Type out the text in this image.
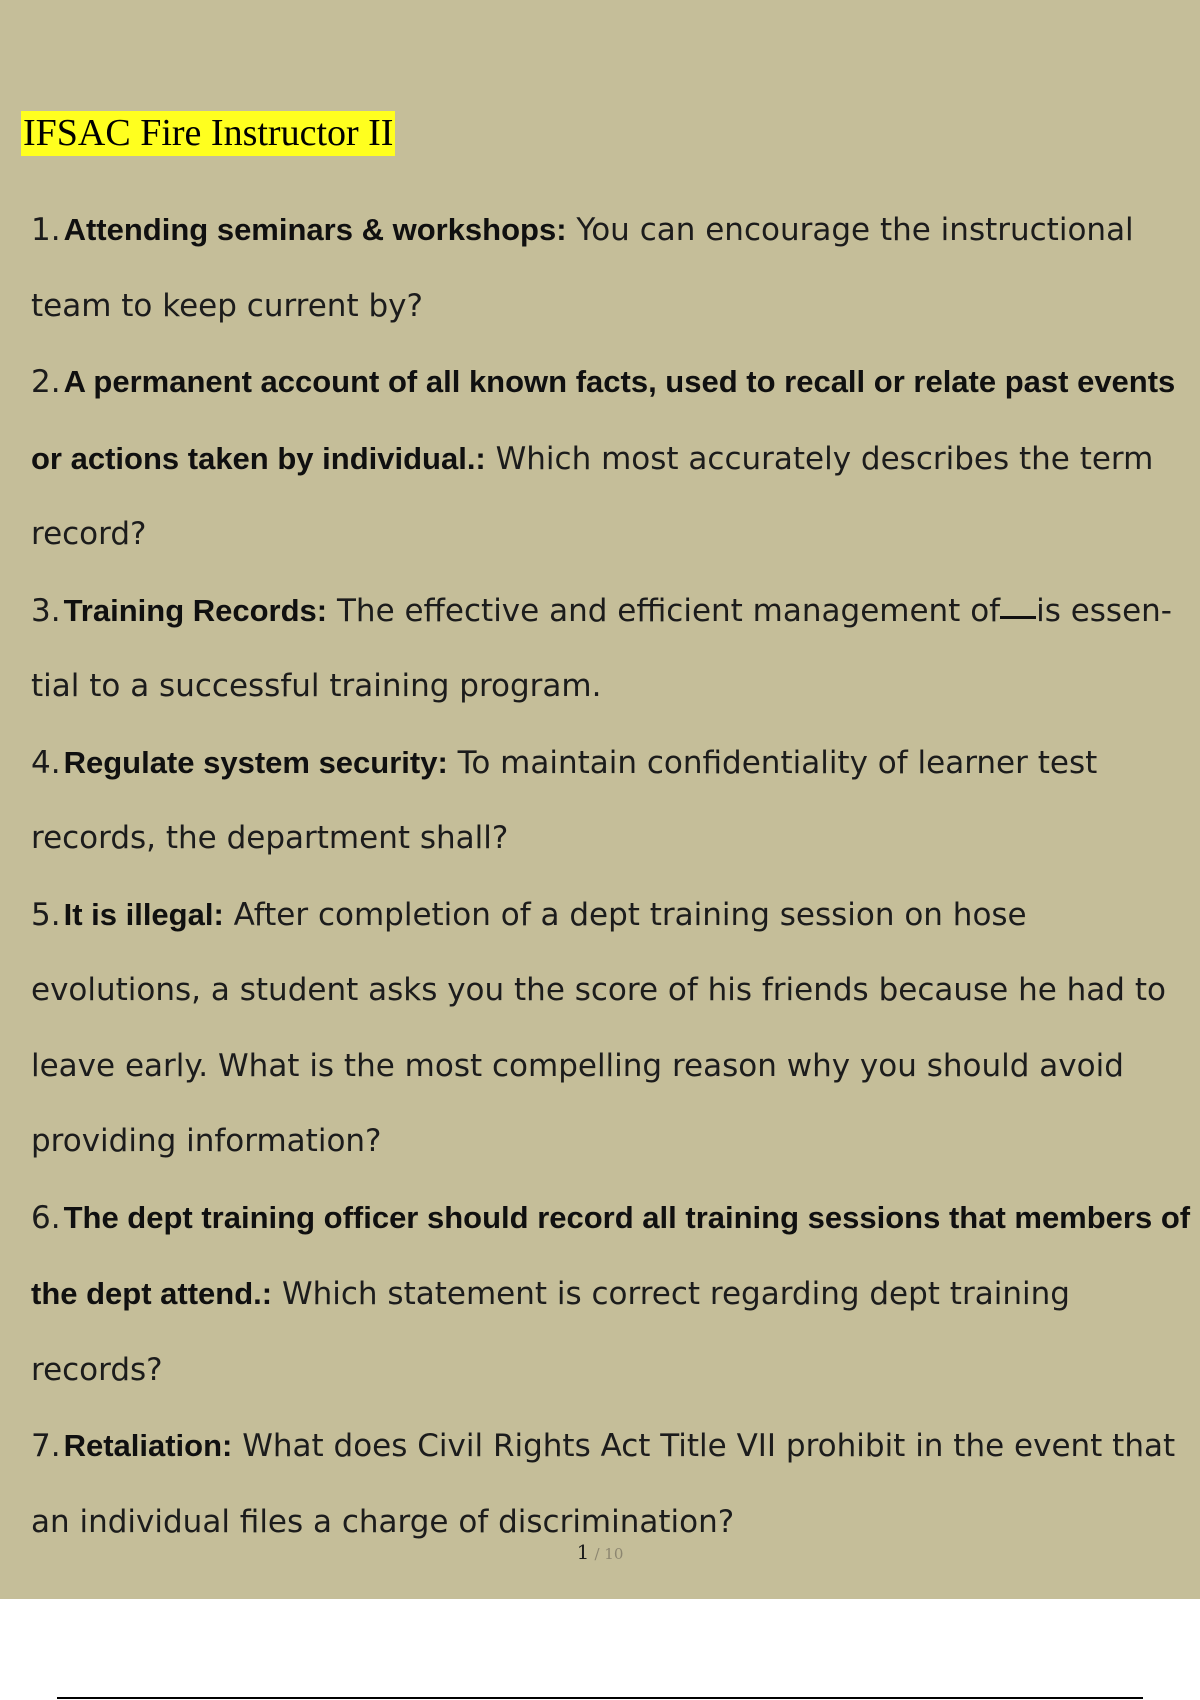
IFSAC Fire Instructor II
1.Attending seminars & workshops: You can encourage the instructional team to keep current by?
2.A permanent account of all known facts, used to recall or relate past events or actions taken by individual.: Which most accurately describes the term record?
3.Training Records: The effective and efficient management of is essen- tial to a successful training program.
4.Regulate system security: To maintain confidentiality of learner test records, the department shall?
5.It is illegal: After completion of a dept training session on hose evolutions, a student asks you the score of his friends because he had to leave early. What is the most compelling reason why you should avoid providing information?
6.The dept training officer should record all training sessions that members of the dept attend.: Which statement is correct regarding dept training records?
7.Retaliation: What does Civil Rights Act Title VII prohibit in the event that an individual files a charge of discrimination?
1 / 10
